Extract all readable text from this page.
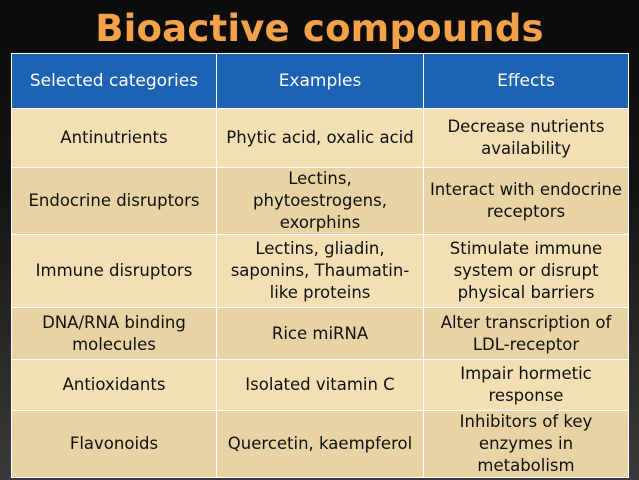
Bioactive compounds
Selected categories	Examples	Effects
Antinutrients	Phytic acid, oxalic acid	Decrease nutrients availability
Endocrine disruptors	Lectins, phytoestrogens, exorphins	Interact with endocrine receptors
Immune disruptors	Lectins, gliadin, saponins, Thaumatin-like proteins	Stimulate immune system or disrupt physical barriers
DNA/RNA binding molecules	Rice miRNA	Alter transcription of LDL-receptor
Antioxidants	Isolated vitamin C	Impair hormetic response
Flavonoids	Quercetin, kaempferol	Inhibitors of key enzymes in metabolism
